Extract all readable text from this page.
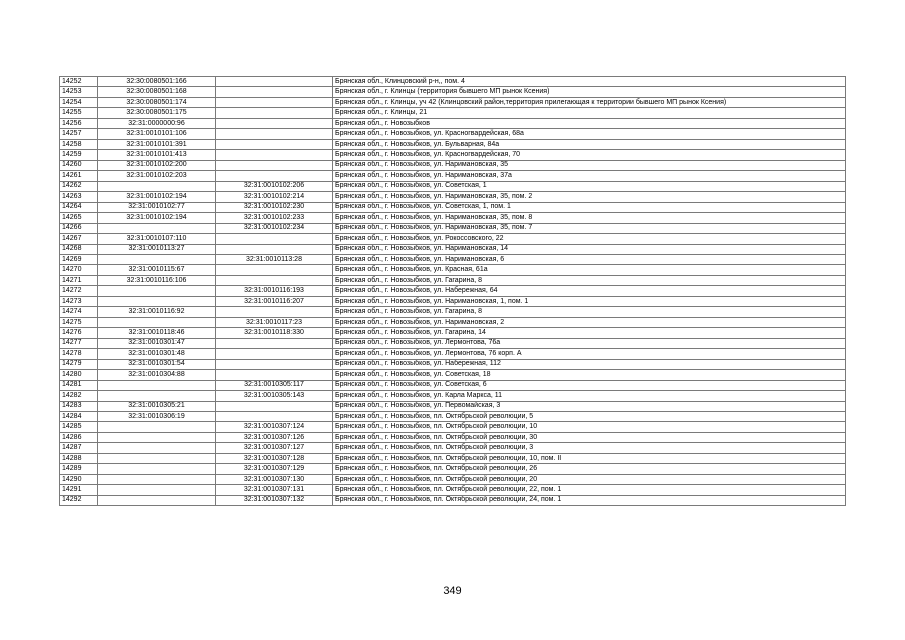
14252	32:30:0080501:166		Брянская обл., Клинцовский р-н,, пом. 4
14253	32:30:0080501:168		Брянская обл., г. Клинцы (территория бывшего МП рынок Ксения)
14254	32:30:0080501:174		Брянская обл., г. Клинцы, уч 42 (Клинцовский район,территория прилегающая к территории бывшего МП рынок Ксения)
14255	32:30:0080501:175		Брянская обл., г. Клинцы, 21
14256	32:31:0000000:96		Брянская обл., г. Новозыбков
14257	32:31:0010101:106		Брянская обл., г. Новозыбков, ул. Красногвардейская, 68а
14258	32:31:0010101:391		Брянская обл., г. Новозыбков, ул. Бульварная, 84а
14259	32:31:0010101:413		Брянская обл., г. Новозыбков, ул. Красногвардейская, 70
14260	32:31:0010102:200		Брянская обл., г. Новозыбков, ул. Наримановская, 35
14261	32:31:0010102:203		Брянская обл., г. Новозыбков, ул. Наримановская, 37а
14262		32:31:0010102:206	Брянская обл., г. Новозыбков, ул. Советская, 1
14263	32:31:0010102:194	32:31:0010102:214	Брянская обл., г. Новозыбков, ул. Наримановская, 35, пом. 2
14264	32:31:0010102:77	32:31:0010102:230	Брянская обл., г. Новозыбков, ул. Советская, 1, пом. 1
14265	32:31:0010102:194	32:31:0010102:233	Брянская обл., г. Новозыбков, ул. Наримановская, 35, пом. 8
14266		32:31:0010102:234	Брянская обл., г. Новозыбков, ул. Наримановская, 35, пом. 7
14267	32:31:0010107:110		Брянская обл., г. Новозыбков, ул. Рокоссовского, 22
14268	32:31:0010113:27		Брянская обл., г. Новозыбков, ул. Наримановская, 14
14269		32:31:0010113:28	Брянская обл., г. Новозыбков, ул. Наримановская, 6
14270	32:31:0010115:67		Брянская обл., г. Новозыбков, ул. Красная, 61а
14271	32:31:0010116:106		Брянская обл., г. Новозыбков, ул. Гагарина, 8
14272		32:31:0010116:193	Брянская обл., г. Новозыбков, ул. Набережная, 64
14273		32:31:0010116:207	Брянская обл., г. Новозыбков, ул. Наримановская, 1, пом. 1
14274	32:31:0010116:92		Брянская обл., г. Новозыбков, ул. Гагарина, 8
14275		32:31:0010117:23	Брянская обл., г. Новозыбков, ул. Наримановская, 2
14276	32:31:0010118:46	32:31:0010118:330	Брянская обл., г. Новозыбков, ул. Гагарина, 14
14277	32:31:0010301:47		Брянская обл., г. Новозыбков, ул. Лермонтова, 76а
14278	32:31:0010301:48		Брянская обл., г. Новозыбков, ул. Лермонтова, 76 корп. А
14279	32:31:0010301:54		Брянская обл., г. Новозыбков, ул. Набережная, 112
14280	32:31:0010304:88		Брянская обл., г. Новозыбков, ул. Советская, 18
14281		32:31:0010305:117	Брянская обл., г. Новозыбков, ул. Советская, 6
14282		32:31:0010305:143	Брянская обл., г. Новозыбков, ул. Карла Маркса, 11
14283	32:31:0010305:21		Брянская обл., г. Новозыбков, ул. Первомайская, 3
14284	32:31:0010306:19		Брянская обл., г. Новозыбков, пл. Октябрьской революции, 5
14285		32:31:0010307:124	Брянская обл., г. Новозыбков, пл. Октябрьской революции, 10
14286		32:31:0010307:126	Брянская обл., г. Новозыбков, пл. Октябрьской революции, 30
14287		32:31:0010307:127	Брянская обл., г. Новозыбков, пл. Октябрьской революции, 3
14288		32:31:0010307:128	Брянская обл., г. Новозыбков, пл. Октябрьской революции, 10, пом. II
14289		32:31:0010307:129	Брянская обл., г. Новозыбков, пл. Октябрьской революции, 26
14290		32:31:0010307:130	Брянская обл., г. Новозыбков, пл. Октябрьской революции, 20
14291		32:31:0010307:131	Брянская обл., г. Новозыбков, пл. Октябрьской революции, 22, пом. 1
14292		32:31:0010307:132	Брянская обл., г. Новозыбков, пл. Октябрьской революции, 24, пом. 1
349
